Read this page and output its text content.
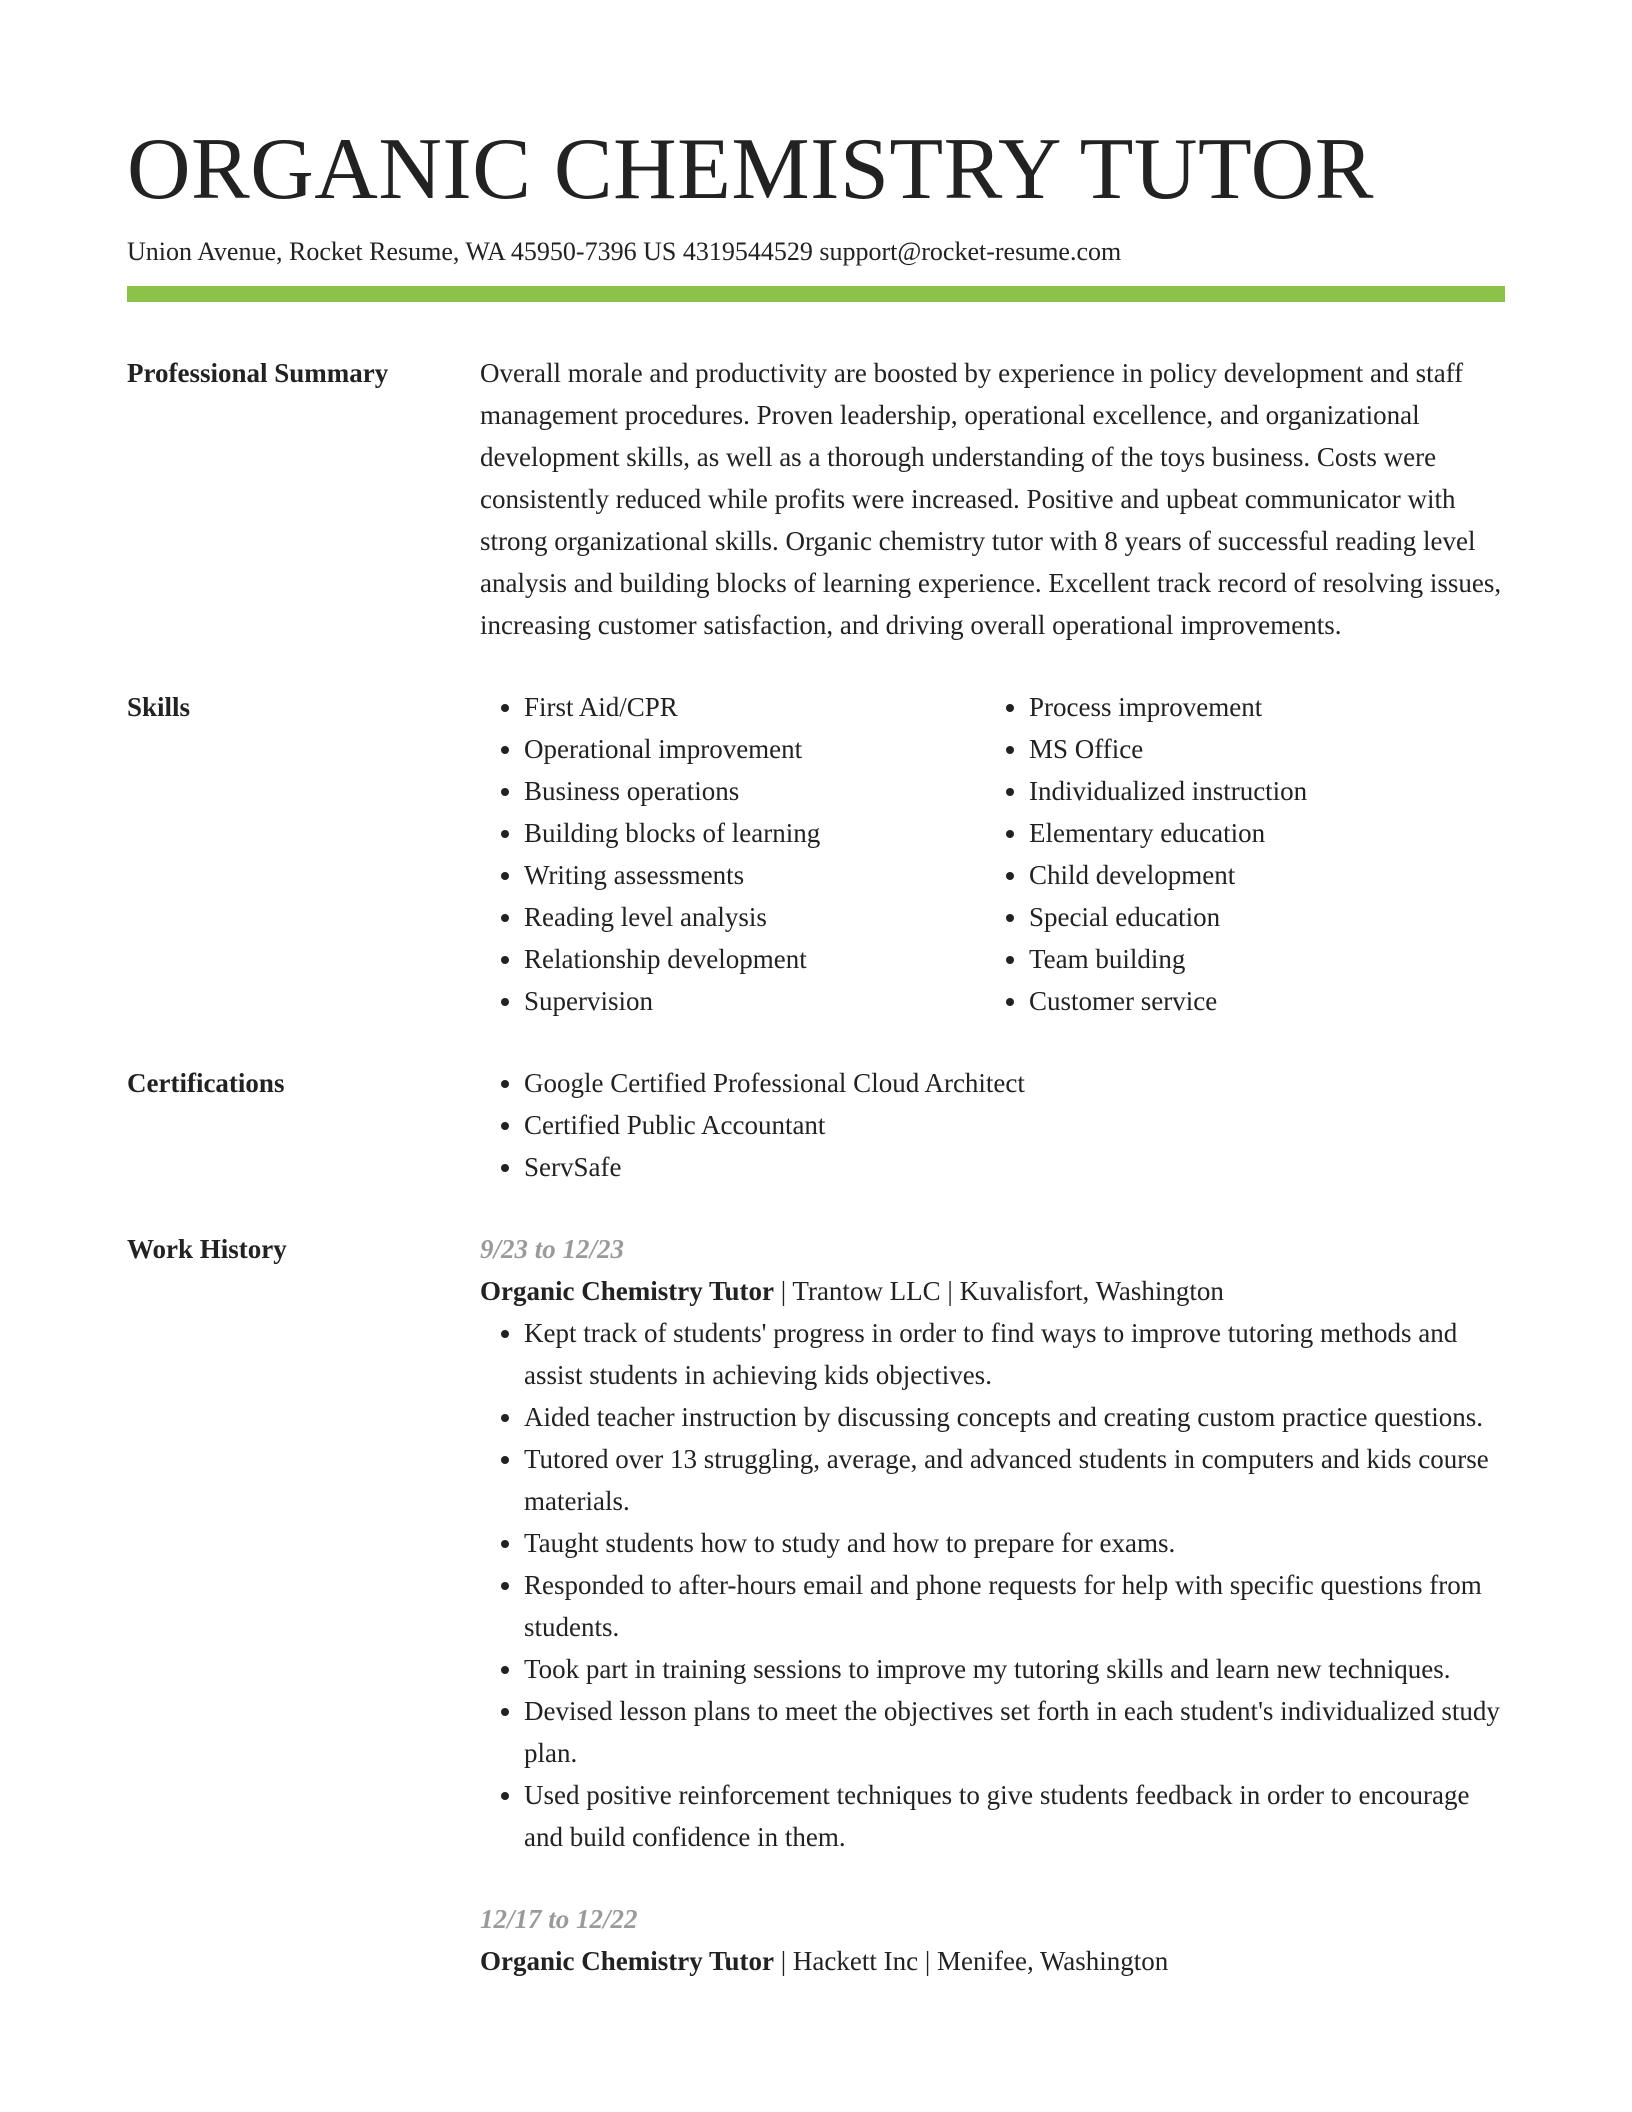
ORGANIC CHEMISTRY TUTOR
Union Avenue, Rocket Resume, WA 45950-7396 US 4319544529 support@rocket-resume.com
Professional Summary	Overall morale and productivity are boosted by experience in policy development and staff management procedures. Proven leadership, operational excellence, and organizational development skills, as well as a thorough understanding of the toys business. Costs were consistently reduced while profits were increased. Positive and upbeat communicator with strong organizational skills. Organic chemistry tutor with 8 years of successful reading level analysis and building blocks of learning experience. Excellent track record of resolving issues, increasing customer satisfaction, and driving overall operational improvements.

Skills	• First Aid/CPR
• Operational improvement
• Business operations
• Building blocks of learning
• Writing assessments
• Reading level analysis
• Relationship development
• Supervision
• Process improvement
• MS Office
• Individualized instruction
• Elementary education
• Child development
• Special education
• Team building
• Customer service
Certifications	• Google Certified Professional Cloud Architect
• Certified Public Accountant
• ServSafe
Work History	9/23 to 12/23
Organic Chemistry Tutor | Trantow LLC | Kuvalisfort, Washington
• Kept track of students' progress in order to find ways to improve tutoring methods and assist students in achieving kids objectives.
• Aided teacher instruction by discussing concepts and creating custom practice questions.
• Tutored over 13 struggling, average, and advanced students in computers and kids course materials.
• Taught students how to study and how to prepare for exams.
• Responded to after-hours email and phone requests for help with specific questions from students.
• Took part in training sessions to improve my tutoring skills and learn new techniques.
• Devised lesson plans to meet the objectives set forth in each student's individualized study plan.
• Used positive reinforcement techniques to give students feedback in order to encourage and build confidence in them.
12/17 to 12/22
Organic Chemistry Tutor | Hackett Inc | Menifee, Washington
